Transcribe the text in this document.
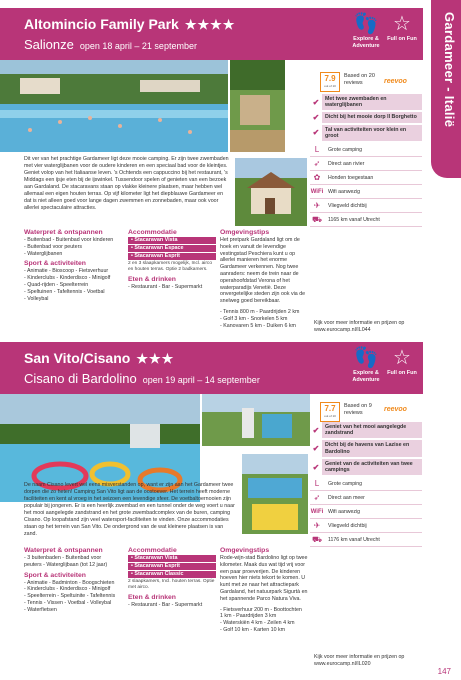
Gardameer - Italië
147
Altomincio Family Park ★★★★
Salionze open 18 april – 21 september
👣
Explore & Adventure
☆
Full on Fun
7.9
out of 10
Based on 20 reviews	reevoo
✔	Met twee zwembaden en waterglijbanen
✔	Dicht bij het mooie dorp Il Borghetto
✔	Tal van activiteiten voor klein en groot
L	Grote camping
➶	Direct aan rivier
✿	Honden toegestaan
WiFi Wifi aanwezig
✈	Vliegveld dichtbij
⛟	1165 km vanaf Utrecht
Dit ver van het prachtige Gardameer ligt deze mooie camping. Er zijn twee zwembaden met vier waterglijbanen voor de oudere kinderen en een speciaal bad voor de kleintjes. Geniet volop van het Italiaanse leven. 's Ochtends een cappuccino bij het restaurant, 's Middags een ijsje eten bij de ijswinkel. Tussendoor spelen of genieten van een bezoek aan Gardaland. De stacaravans staan op vlakke kleinere plaatsen, maar hebben wel allemaal een eigen houten terras. Op vijf kilometer ligt het diepblauwe Gardameer en dat is niet alleen goed voor lange dagen zwemmen en zonnebaden, maar ook voor allerlei spectaculaire attracties.
Waterpret & ontspannen
- Buitenbad - Buitenbad voor kinderen
- Buitenbad voor peuters
- Waterglijbanen
Sport & activiteiten
- Animatie - Bioscoop - Fietsverhuur
- Kinderclubs - Kinderdisco - Minigolf
- Quad-rijden - Speelterrein
- Speltuinen - Tafeltennis - Voetbal
- Volleybal
Accommodatie
• Stacaravan Vista
• Stacaravan Espace
• Stacaravan Esprit
2 en 3 slaapkamers mogelijk, Incl. airco en houten terras. Optie 2 badkamers.
Eten & drinken
- Restaurant - Bar - Supermarkt
Omgevingstips
Het pretpark Gardaland ligt om de hoek en vanuit de levendige vestingstad Peschiera kunt u op allerlei manieren het enorme Gardameer verkennen. Nog twee aanraders: neem de trein naar de operahoofdstad Verona of het waterparadijs Venetië. Deze onvergetelijke steden zijn ook via de snelweg goed bereikbaar.
- Tennis 800 m - Paardrijden 2 km
- Golf 3 km - Snorkelen 5 km
- Kanovaren 5 km - Duiken 6 km	Kijk voor meer informatie en prijzen op www.eurocamp.nl/IL044
San Vito/Cisano ★★★
Cisano di Bardolino open 19 april – 14 september
👣
Explore & Adventure
☆
Full on Fun
7.7
out of 10
Based on 9 reviews	reevoo
✔	Geniet van het mooi aangelegde zandstrand
✔	Dicht bij de havens van Lazise en Bardolino
✔	Geniet van de activiteiten van twee campings
L	Grote camping
➶	Direct aan meer
WiFi Wifi aanwezig
✈	Vliegveld dichtbij
⛟	1176 km vanaf Utrecht
De naam Cisano levert wel eens misverstanden op, want er zijn aan het Gardameer twee dorpen die zo heten! Camping San Vito ligt aan de oostoever. Het terrein heeft moderne faciliteiten en kent al vroeg in het seizoen een levendige sfeer. De voetbaltoernooien zijn populair bij jongeren. Er is een heerlijk zwembad en een tunnel onder de weg voert u naar het mooi aangelegde zandstrand en het grote zwembadcomplex van de buren, camping Cisano. Op loopafstand zijn veel watersport-faciliteiten te vinden. Onze accommodaties staan op het terrein van San Vito. De ondergrond van de wat kleinere plaatsen is van zand.
Waterpret & ontspannen
- 3 buitenbaden - Buitenbad voor
peuters - Waterglijbaan (tot 12 jaar)
Sport & activiteiten
- Animatie - Badminton - Boogschieten
- Kinderclubs - Kinderdisco - Minigolf
- Speelterrein - Speltuinite - Tafeltennis
- Tennis - Vissen - Voetbal - Volleybal
- Waterfietsen
Accommodatie
• Stacaravan Vista
• Stacaravan Esprit
• Stacaravan Classic
2 slaapkamers, Incl. houten terras. Optie met airco.
Eten & drinken
- Restaurant - Bar - Supermarkt
Omgevingstips
Rode-wijn-stad Bardolino ligt op twee kilometer. Maak dus wat tijd vrij voor een paar proeverijen. De kinderen hoeven hier niets tekort te komen. U kunt met ze naar het attractiepark Gardaland, het natuurpark Sigurtà en het spannende Parco Natura Viva.
- Fietsverhuur 200 m - Boottochten
1 km - Paardrijden 3 km
- Waterskiën 4 km - Zeilen 4 km
- Golf 10 km - Karten 10 km
Kijk voor meer informatie en prijzen op www.eurocamp.nl/IL020
